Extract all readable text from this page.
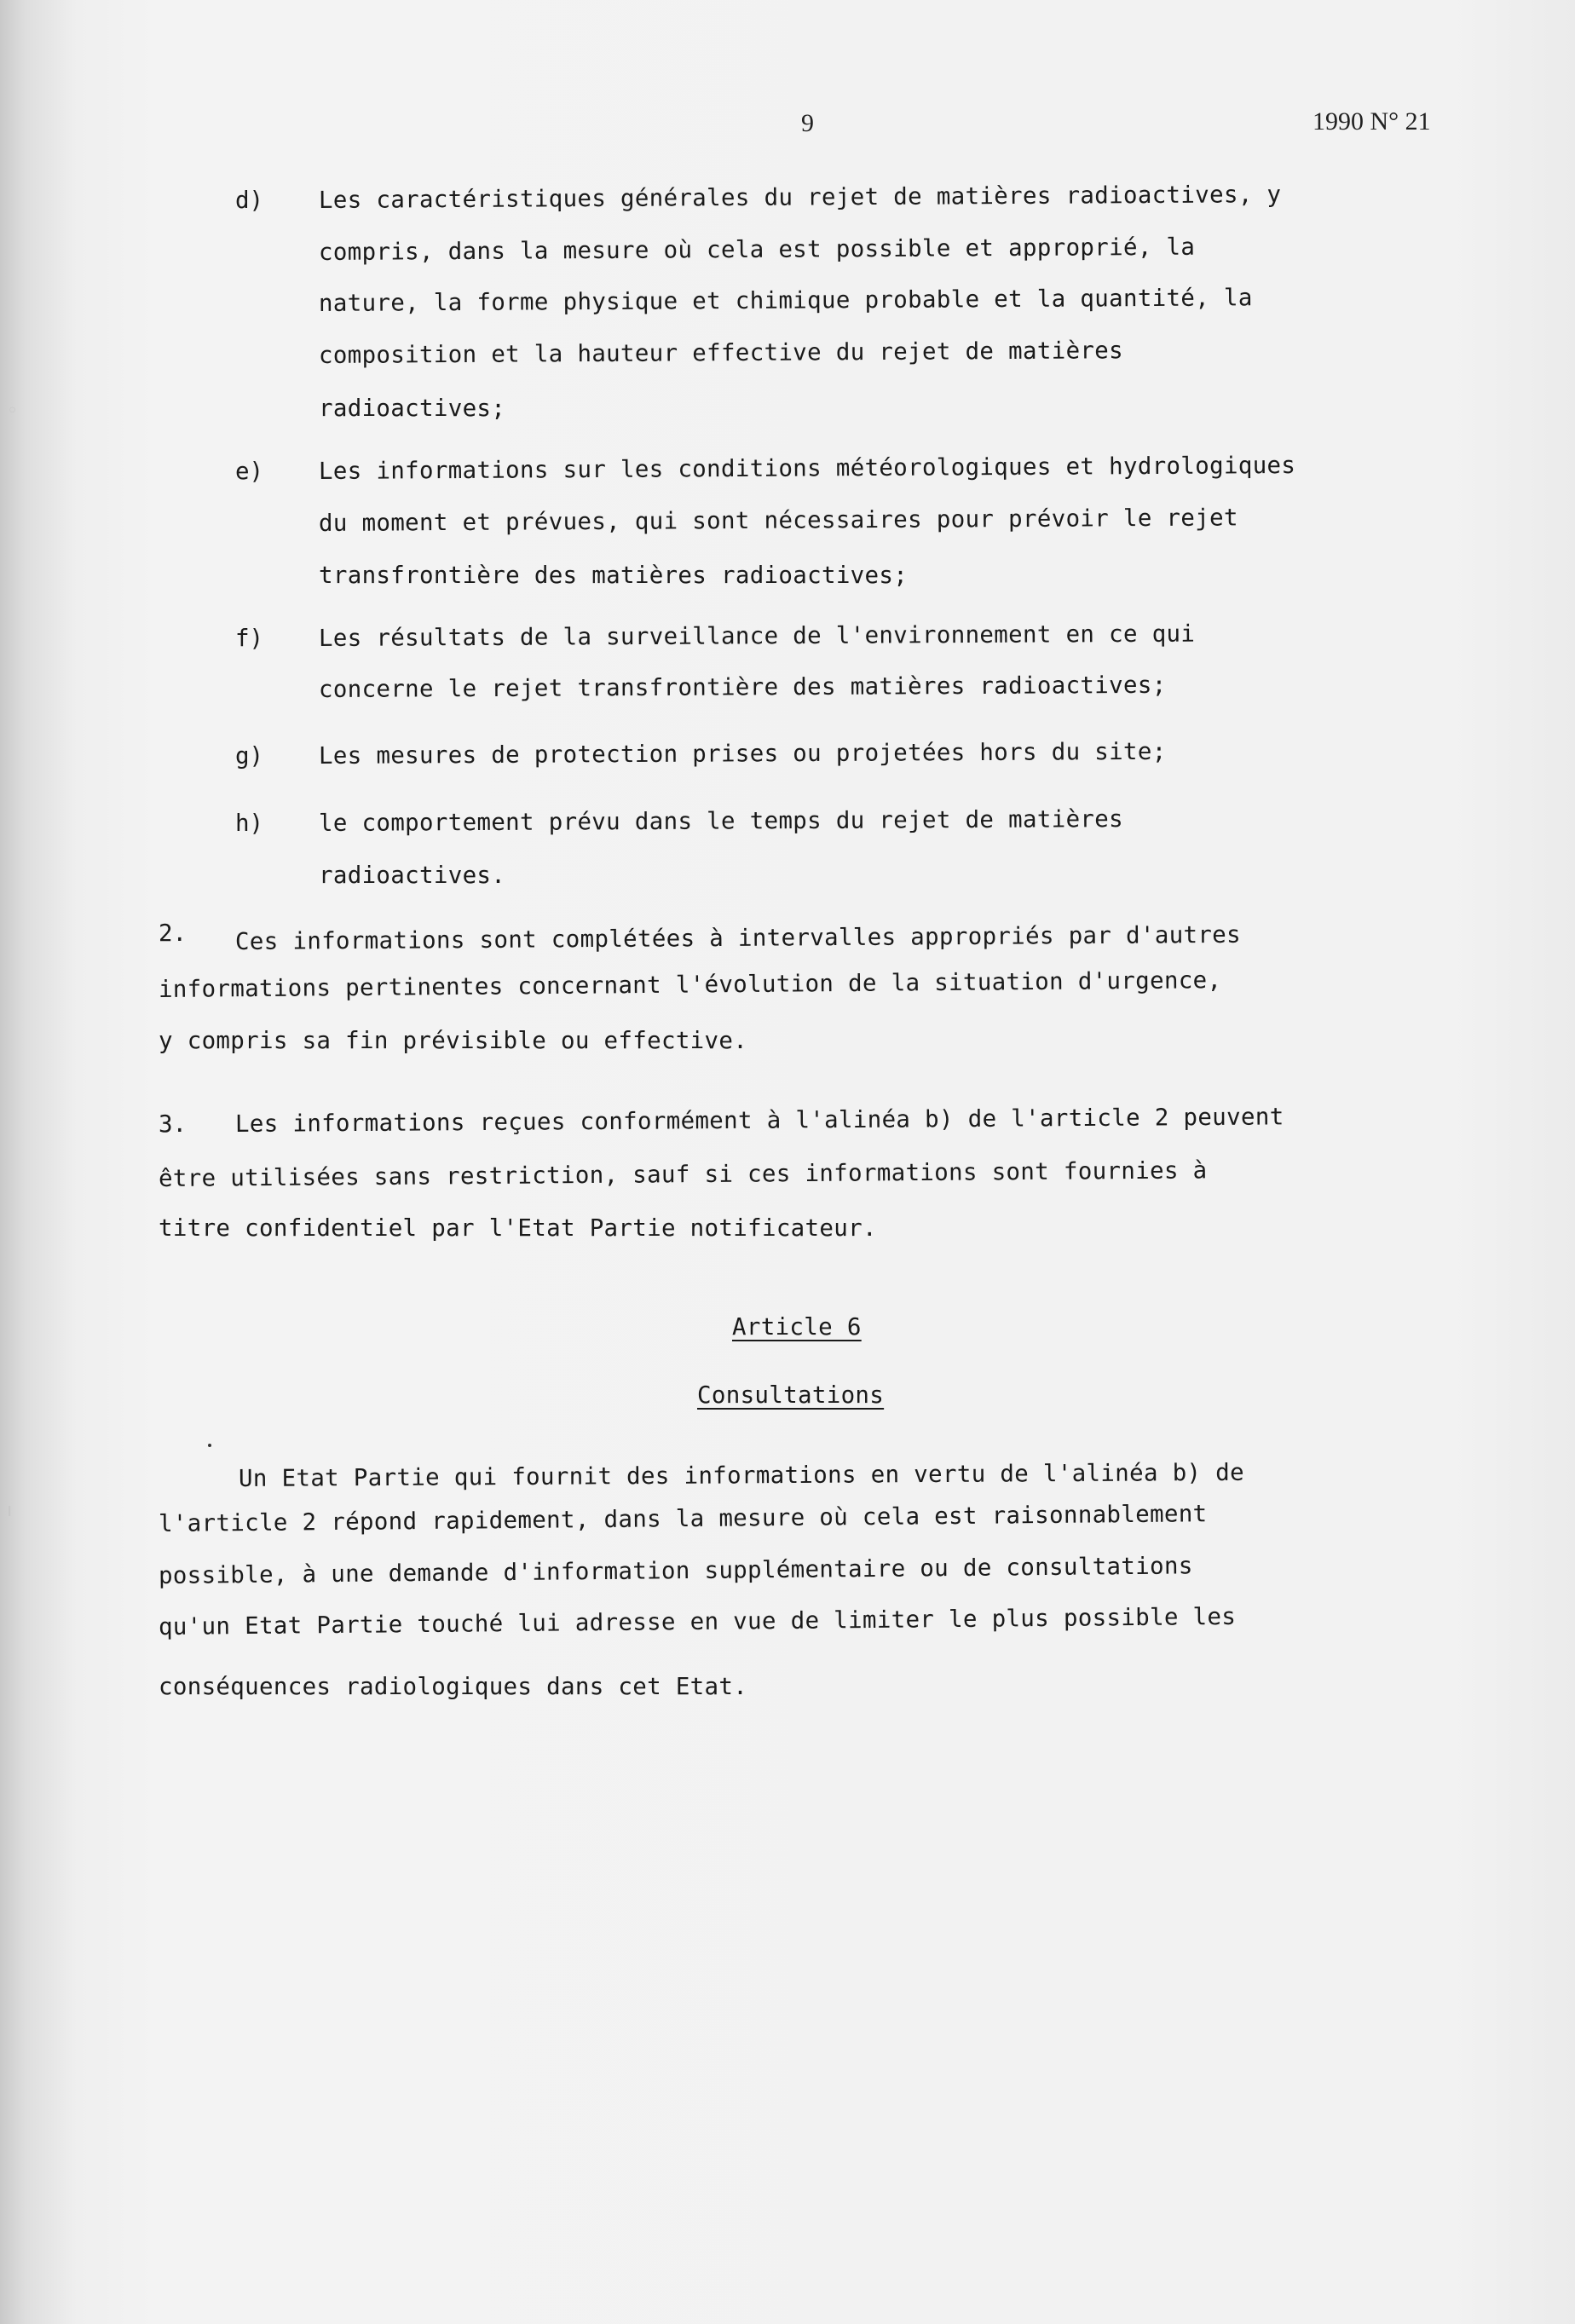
◦
ı
9	1990 N° 21
d) Les caractéristiques générales du rejet de matières radioactives, y
compris, dans la mesure où cela est possible et approprié, la
nature, la forme physique et chimique probable et la quantité, la
composition et la hauteur effective du rejet de matières
radioactives;
e) Les informations sur les conditions météorologiques et hydrologiques
du moment et prévues, qui sont nécessaires pour prévoir le rejet
transfrontière des matières radioactives;
f) Les résultats de la surveillance de l'environnement en ce qui
concerne le rejet transfrontière des matières radioactives;
g) Les mesures de protection prises ou projetées hors du site;
h) le comportement prévu dans le temps du rejet de matières
radioactives.
2. Ces informations sont complétées à intervalles appropriés par d'autres
informations pertinentes concernant l'évolution de la situation d'urgence,
y compris sa fin prévisible ou effective.
3. Les informations reçues conformément à l'alinéa b) de l'article 2 peuvent
être utilisées sans restriction, sauf si ces informations sont fournies à
titre confidentiel par l'Etat Partie notificateur.
Article 6
Consultations
Un Etat Partie qui fournit des informations en vertu de l'alinéa b) de
l'article 2 répond rapidement, dans la mesure où cela est raisonnablement
possible, à une demande d'information supplémentaire ou de consultations
qu'un Etat Partie touché lui adresse en vue de limiter le plus possible les
conséquences radiologiques dans cet Etat.
